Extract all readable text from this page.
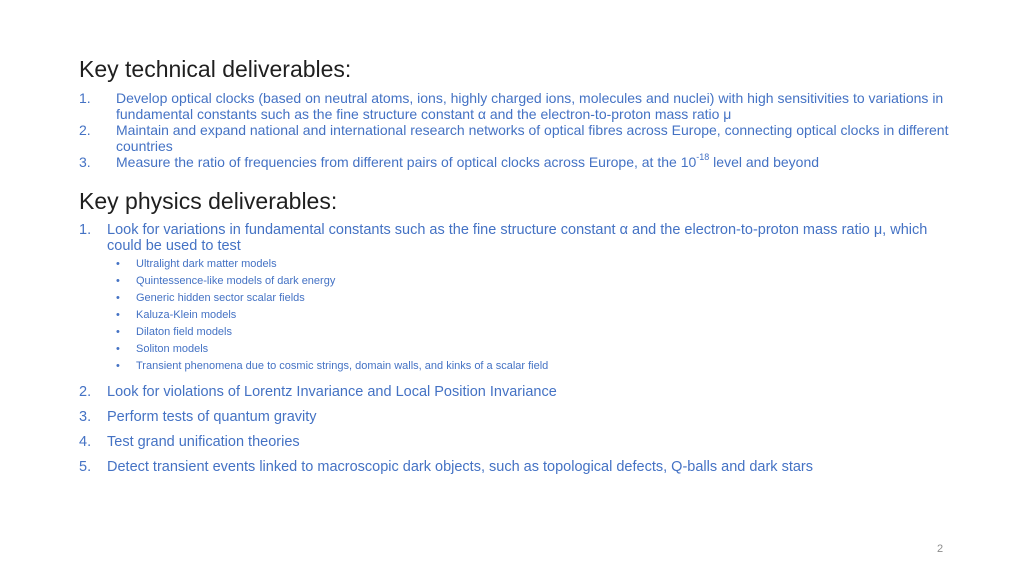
Key technical deliverables:
1. Develop optical clocks (based on neutral atoms, ions, highly charged ions, molecules and nuclei) with high sensitivities to variations in fundamental constants such as the fine structure constant α and the electron-to-proton mass ratio μ
2. Maintain and expand national and international research networks of optical fibres across Europe, connecting optical clocks in different countries
3. Measure the ratio of frequencies from different pairs of optical clocks across Europe, at the $10^{-18}$ level and beyond
Key physics deliverables:
1. Look for variations in fundamental constants such as the fine structure constant α and the electron-to-proton mass ratio μ, which could be used to test
• Ultralight dark matter models
• Quintessence-like models of dark energy
• Generic hidden sector scalar fields
• Kaluza-Klein models
• Dilaton field models
• Soliton models
• Transient phenomena due to cosmic strings, domain walls, and kinks of a scalar field
2. Look for violations of Lorentz Invariance and Local Position Invariance
3. Perform tests of quantum gravity
4. Test grand unification theories
5. Detect transient events linked to macroscopic dark objects, such as topological defects, Q-balls and dark stars
2
